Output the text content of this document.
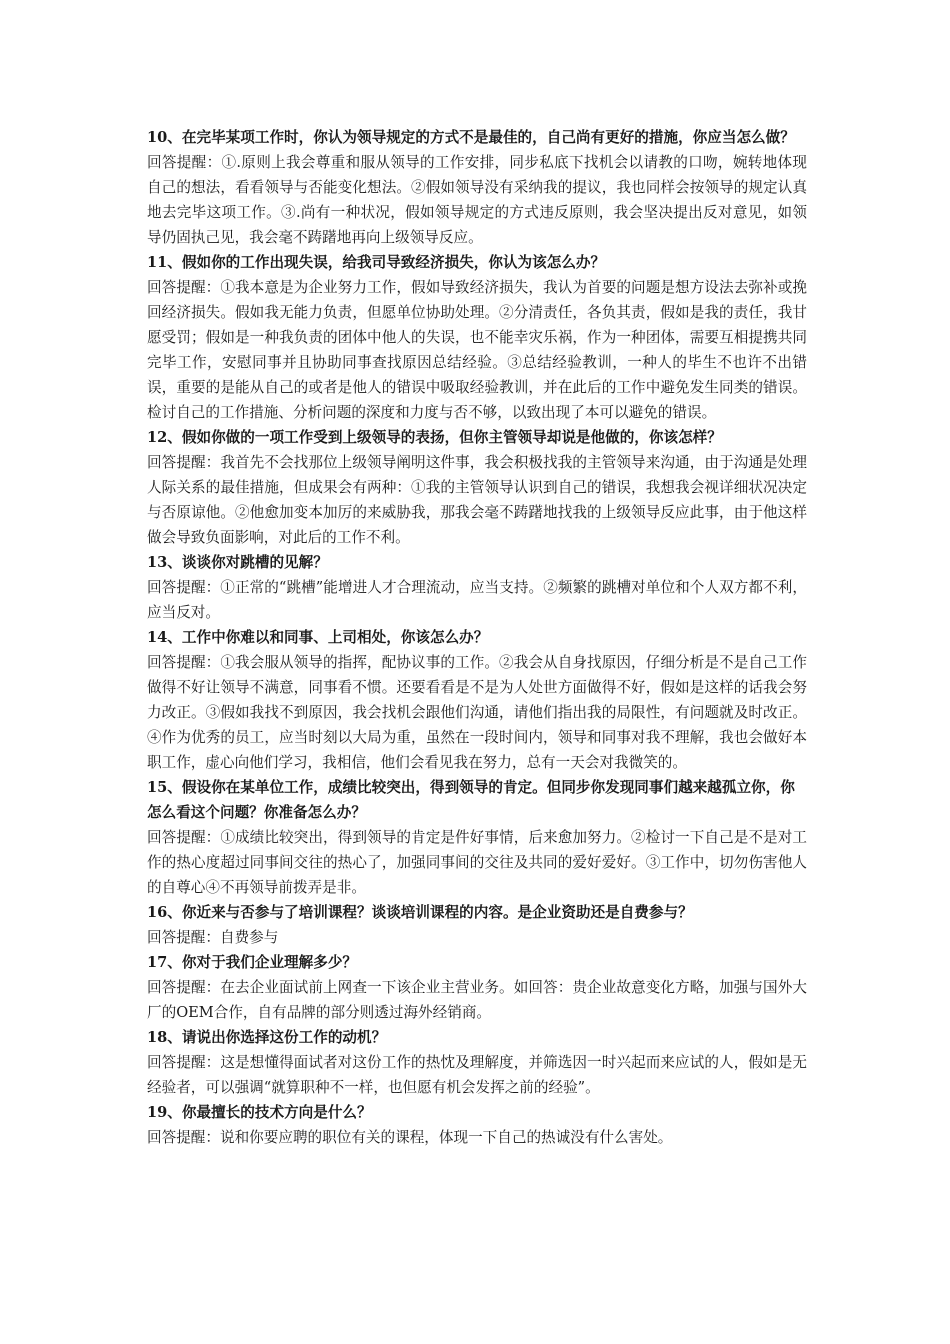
10、在完毕某项工作时，你认为领导规定的方式不是最佳的，自己尚有更好的措施，你应当怎么做？

回答提醒：①.原则上我会尊重和服从领导的工作安排，同步私底下找机会以请教的口吻，婉转地体现自己的想法，看看领导与否能变化想法。②假如领导没有采纳我的提议，我也同样会按领导的规定认真地去完毕这项工作。③.尚有一种状况，假如领导规定的方式违反原则，我会坚决提出反对意见，如领导仍固执己见，我会毫不踌躇地再向上级领导反应。

11、假如你的工作出现失误，给我司导致经济损失，你认为该怎么办？

回答提醒：①我本意是为企业努力工作，假如导致经济损失，我认为首要的问题是想方设法去弥补或挽回经济损失。假如我无能力负责，但愿单位协助处理。②分清责任，各负其责，假如是我的责任，我甘愿受罚；假如是一种我负责的团体中他人的失误，也不能幸灾乐祸，作为一种团体，需要互相提携共同完毕工作，安慰同事并且协助同事查找原因总结经验。③总结经验教训，一种人的毕生不也许不出错误，重要的是能从自己的或者是他人的错误中吸取经验教训，并在此后的工作中避免发生同类的错误。检讨自己的工作措施、分析问题的深度和力度与否不够，以致出现了本可以避免的错误。

12、假如你做的一项工作受到上级领导的表扬，但你主管领导却说是他做的，你该怎样？

回答提醒：我首先不会找那位上级领导阐明这件事，我会积极找我的主管领导来沟通，由于沟通是处理人际关系的最佳措施，但成果会有两种：①我的主管领导认识到自己的错误，我想我会视详细状况决定与否原谅他。②他愈加变本加厉的来威胁我，那我会毫不踌躇地找我的上级领导反应此事，由于他这样做会导致负面影响，对此后的工作不利。

13、谈谈你对跳槽的见解？

回答提醒：①正常的“跳槽”能增进人才合理流动，应当支持。②频繁的跳槽对单位和个人双方都不利，应当反对。

14、工作中你难以和同事、上司相处，你该怎么办？

回答提醒：①我会服从领导的指挥，配协议事的工作。②我会从自身找原因，仔细分析是不是自己工作做得不好让领导不满意，同事看不惯。还要看看是不是为人处世方面做得不好，假如是这样的话我会努力改正。③假如我找不到原因，我会找机会跟他们沟通，请他们指出我的局限性，有问题就及时改正。④作为优秀的员工，应当时刻以大局为重，虽然在一段时间内，领导和同事对我不理解，我也会做好本职工作，虚心向他们学习，我相信，他们会看见我在努力，总有一天会对我微笑的。

15、假设你在某单位工作，成绩比较突出，得到领导的肯定。但同步你发现同事们越来越孤立你，你怎么看这个问题？你准备怎么办？

回答提醒：①成绩比较突出，得到领导的肯定是件好事情，后来愈加努力。②检讨一下自己是不是对工作的热心度超过同事间交往的热心了，加强同事间的交往及共同的爱好爱好。③工作中，切勿伤害他人的自尊心④不再领导前拨弄是非。

16、你近来与否参与了培训课程？谈谈培训课程的内容。是企业资助还是自费参与？

回答提醒：自费参与

17、你对于我们企业理解多少？

回答提醒：在去企业面试前上网查一下该企业主营业务。如回答：贵企业故意变化方略，加强与国外大厂的OEM合作，自有品牌的部分则透过海外经销商。

18、请说出你选择这份工作的动机？

回答提醒：这是想懂得面试者对这份工作的热忱及理解度，并筛选因一时兴起而来应试的人，假如是无经验者，可以强调“就算职种不一样，也但愿有机会发挥之前的经验”。

19、你最擅长的技术方向是什么？

回答提醒：说和你要应聘的职位有关的课程，体现一下自己的热诚没有什么害处。
